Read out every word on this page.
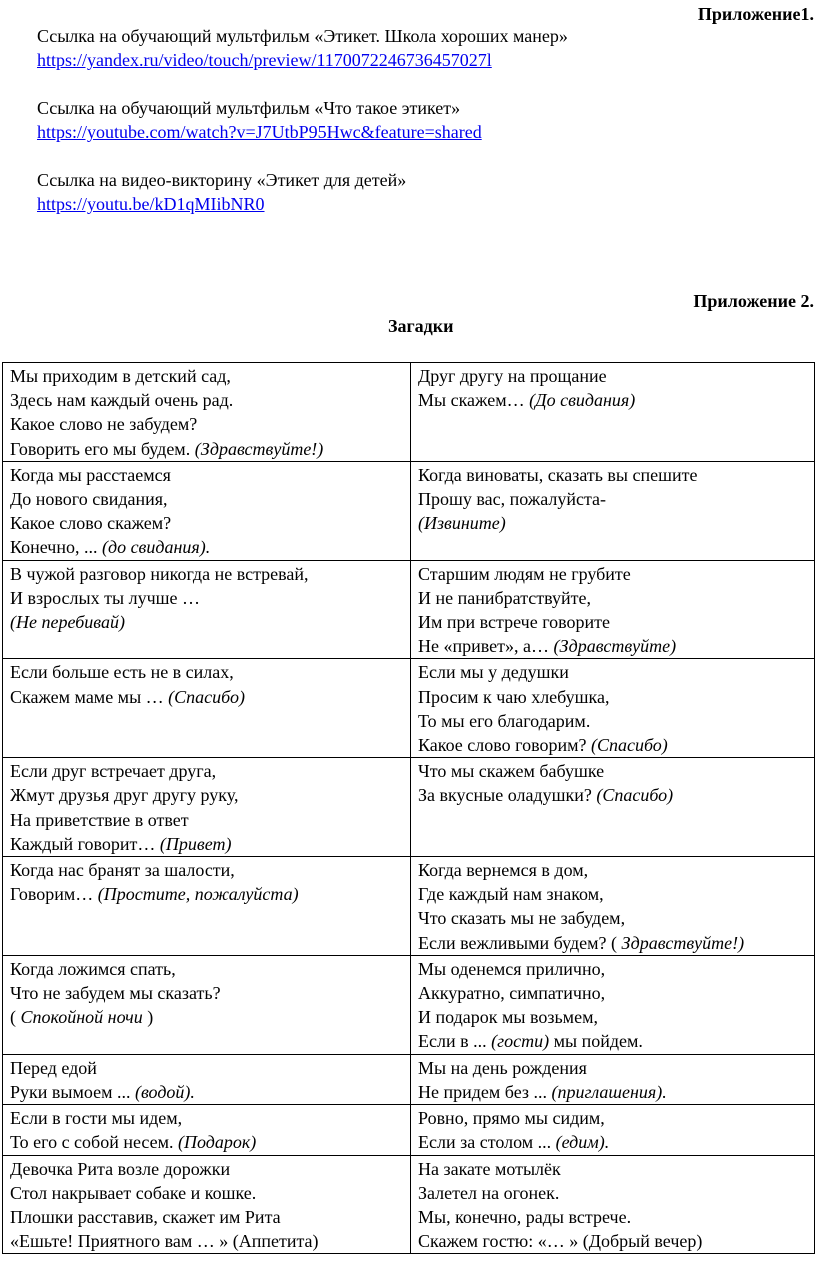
Приложение1.
Ссылка на обучающий мультфильм «Этикет. Школа хороших манер»
https://yandex.ru/video/touch/preview/1170072246736457027l
Ссылка на обучающий мультфильм «Что такое этикет»
https://youtube.com/watch?v=J7UtbP95Hwc&feature=shared
Ссылка на видео-викторину «Этикет для детей»
https://youtu.be/kD1qMIibNR0
Приложение 2.
Загадки
Мы приходим в детский сад,
Здесь нам каждый очень рад.
Какое слово не забудем?
Говорить его мы будем. (Здравствуйте!)	Друг другу на прощание
Мы скажем… (До свидания)

Когда мы расстаемся
До нового свидания,
Какое слово скажем?
Конечно, ... (до свидания).	Когда виноваты, сказать вы спешите
Прошу вас, пожалуйста-
(Извините)

В чужой разговор никогда не встревай,
И взрослых ты лучше …
(Не перебивай)	Старшим людям не грубите
И не панибратствуйте,
Им при встрече говорите
Не «привет», а… (Здравствуйте)

Если больше есть не в силах,
Скажем маме мы … (Спасибо)	Если мы у дедушки
Просим к чаю хлебушка,
То мы его благодарим.
Какое слово говорим? (Спасибо)

Если друг встречает друга,
Жмут друзья друг другу руку,
На приветствие в ответ
Каждый говорит… (Привет)	Что мы скажем бабушке
За вкусные оладушки? (Спасибо)

Когда нас бранят за шалости,
Говорим… (Простите, пожалуйста)	Когда вернемся в дом,
Где каждый нам знаком,
Что сказать мы не забудем,
Если вежливыми будем? ( Здравствуйте!)

Когда ложимся спать,
Что не забудем мы сказать?
( Спокойной ночи )	Мы оденемся прилично,
Аккуратно, симпатично,
И подарок мы возьмем,
Если в ... (гости) мы пойдем.

Перед едой
Руки вымоем ... (водой).	Мы на день рождения
Не придем без ... (приглашения).

Если в гости мы идем,
То его с собой несем. (Подарок)	Ровно, прямо мы сидим,
Если за столом ... (едим).

Девочка Рита возле дорожки
Стол накрывает собаке и кошке.
Плошки расставив, скажет им Рита
«Ешьте! Приятного вам … » (Аппетита)	На закате мотылёк
Залетел на огонек.
Мы, конечно, рады встрече.
Скажем гостю: «… » (Добрый вечер)
